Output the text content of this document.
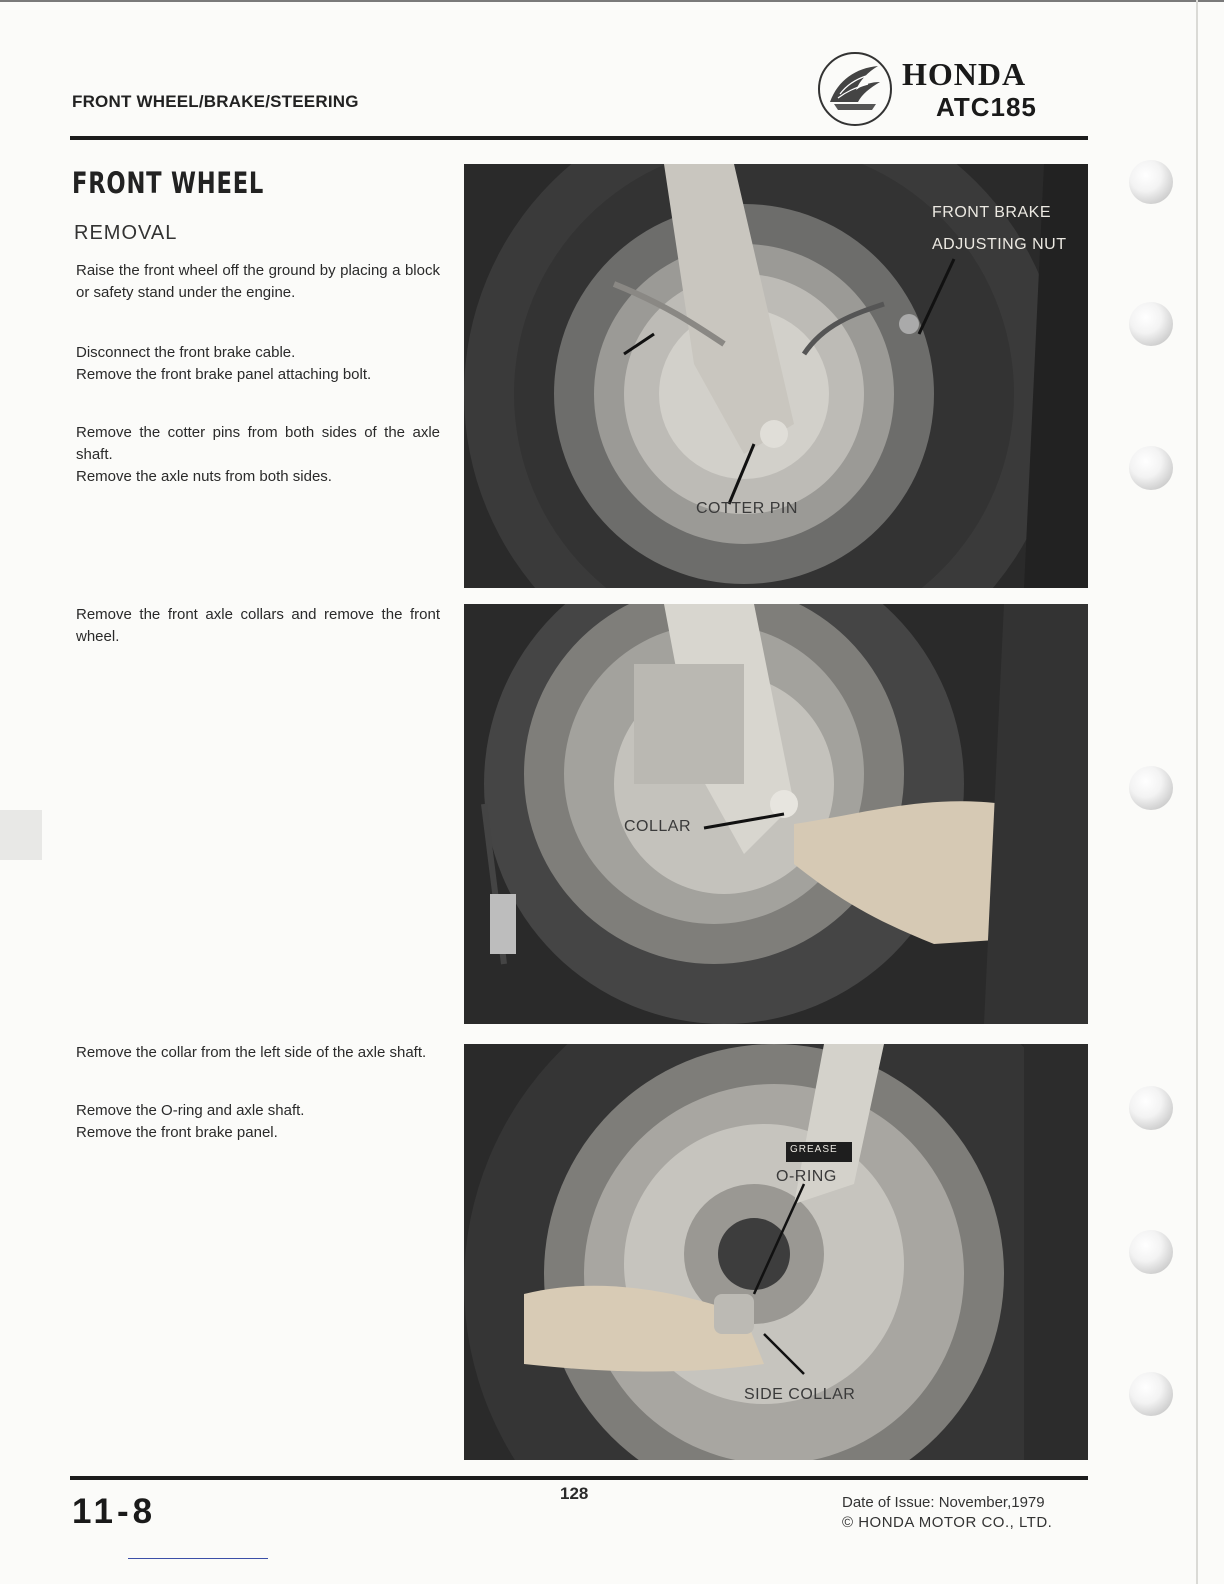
FRONT WHEEL/BRAKE/STEERING
HONDA
ATC185
FRONT WHEEL
REMOVAL

Raise the front wheel off the ground by placing a block or safety stand under the engine.

Disconnect the front brake cable.

Remove the front brake panel attaching bolt.

Remove the cotter pins from both sides of the axle shaft.

Remove the axle nuts from both sides.

Remove the front axle collars and remove the front wheel.

Remove the collar from the left side of the axle shaft.

Remove the O-ring and axle shaft.

Remove the front brake panel.

FRONT BRAKE
ADJUSTING NUT
COTTER PIN
COLLAR
GREASE
O-RING
SIDE COLLAR
11-8	128	Date of Issue: November,1979
© HONDA MOTOR CO., LTD.
